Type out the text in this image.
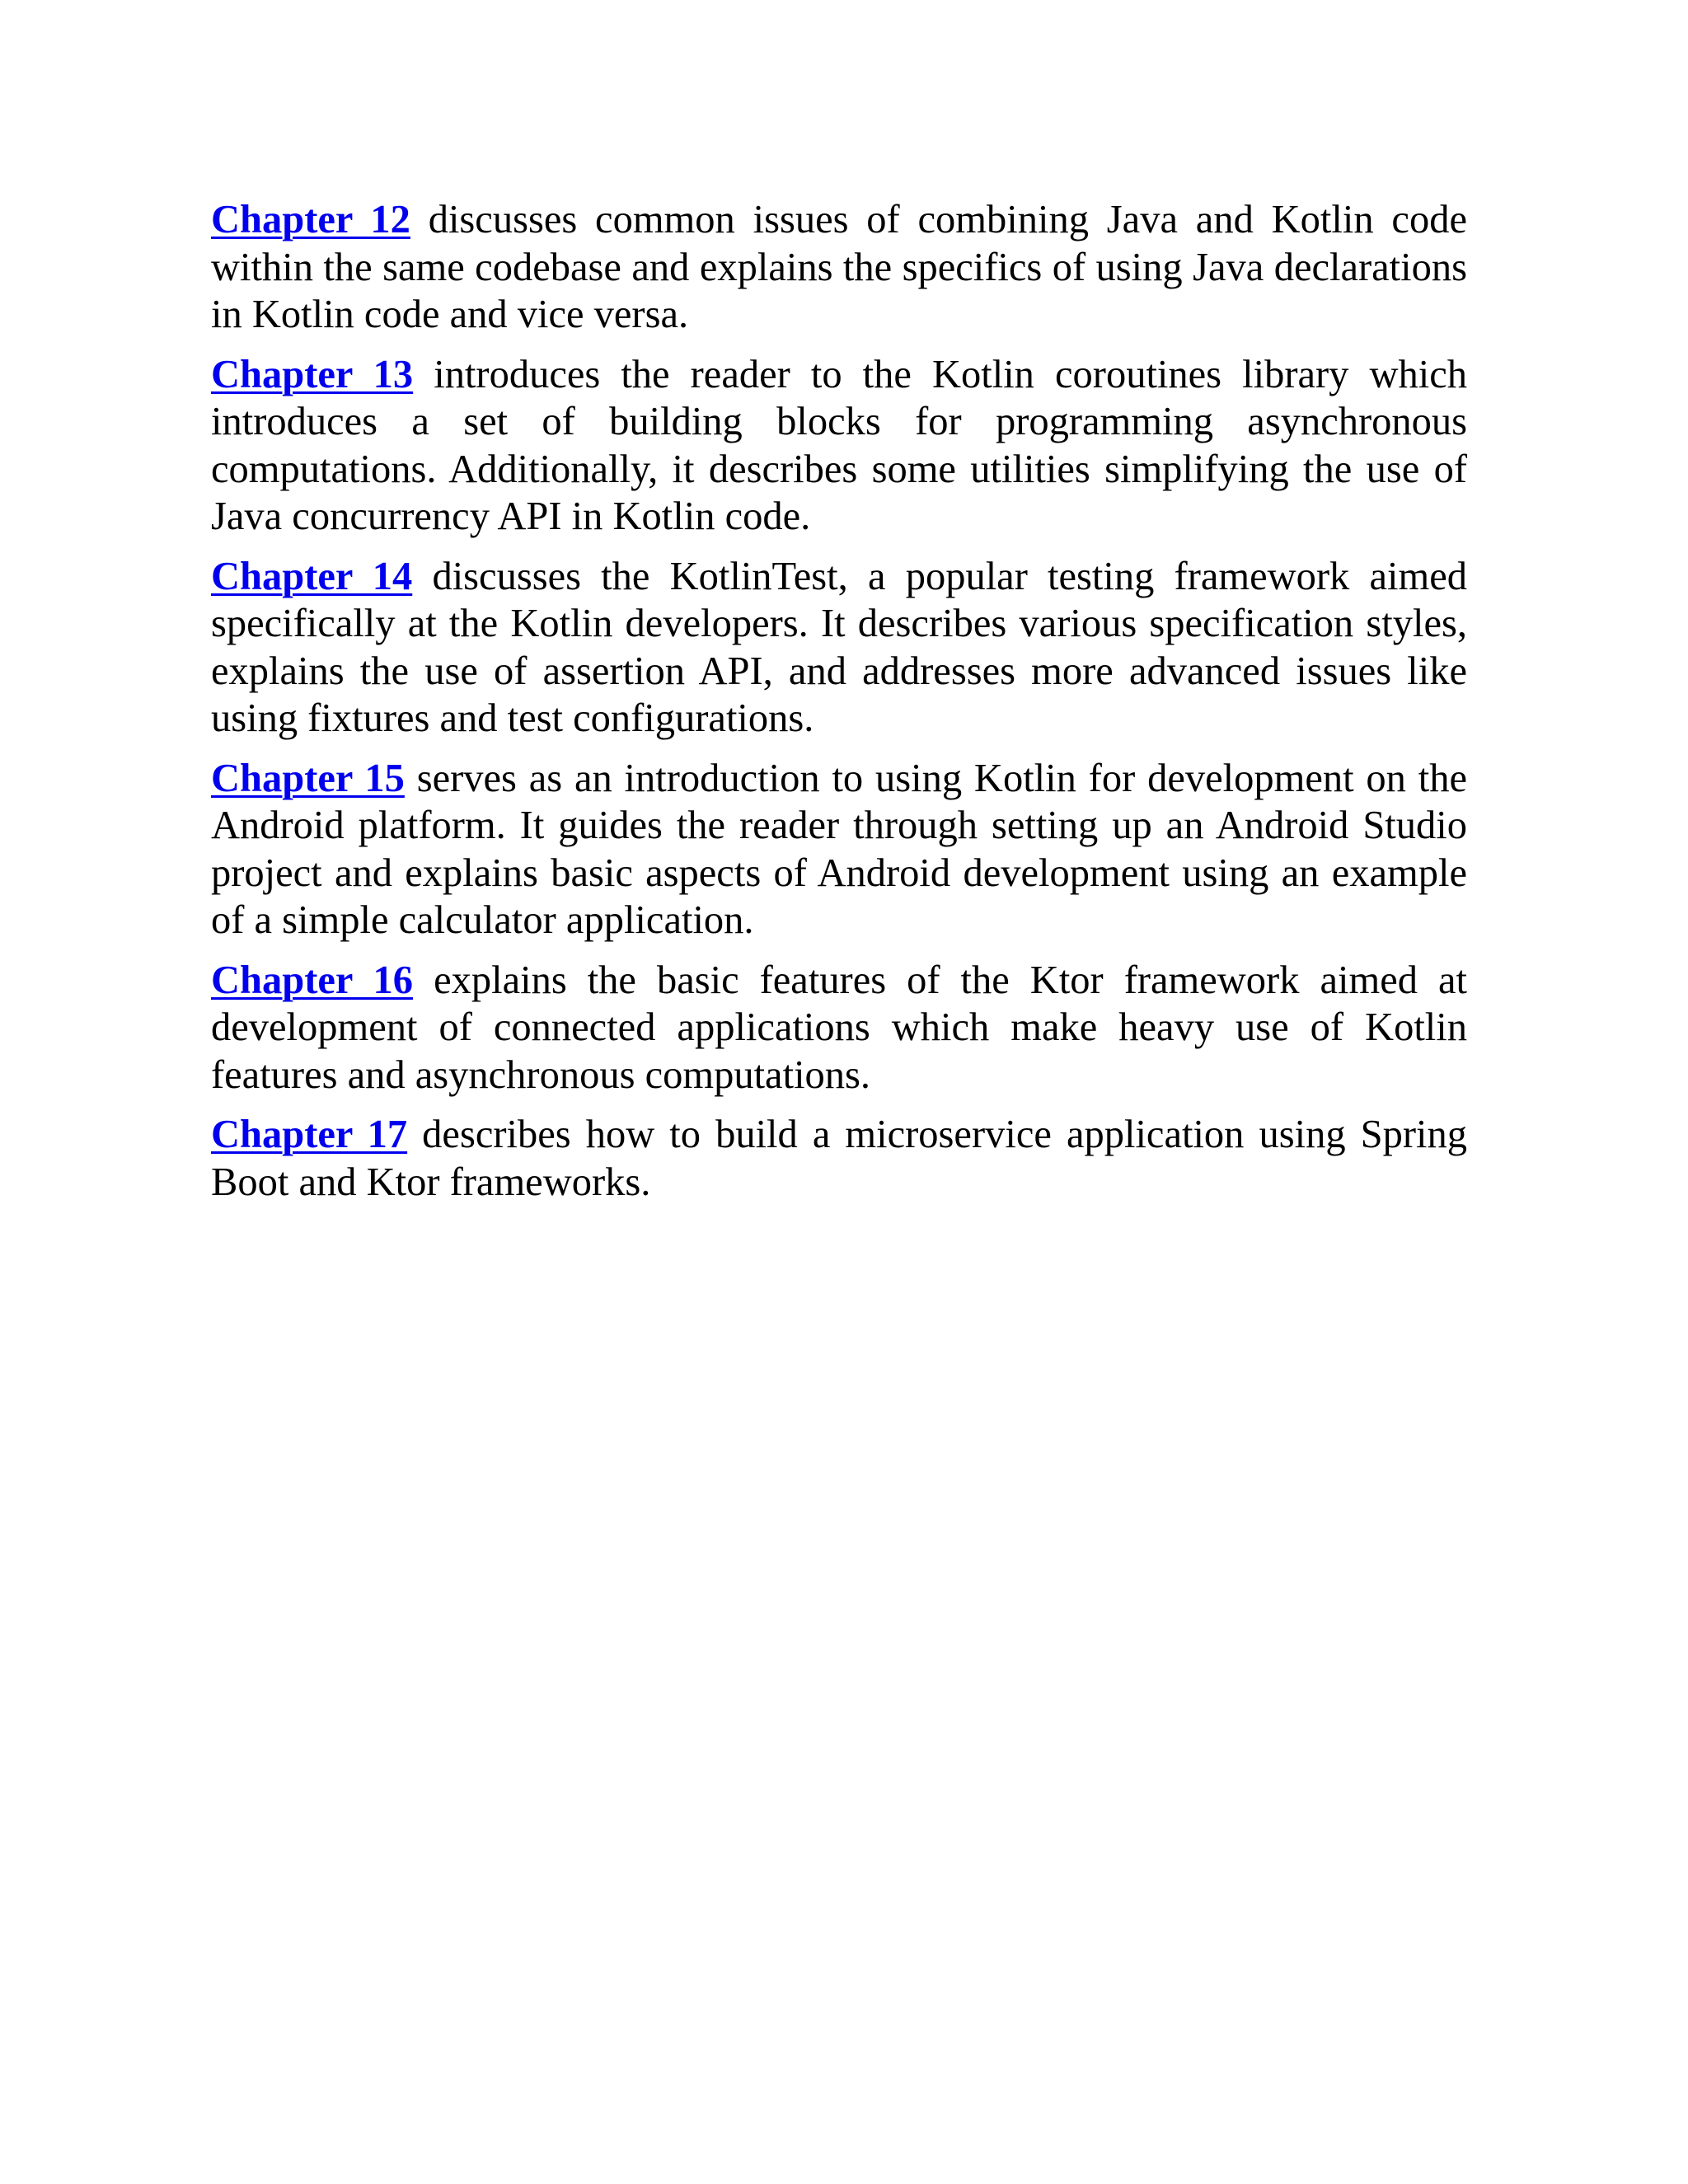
Chapter 12 discusses common issues of combining Java and Kotlin code within the same codebase and explains the specifics of using Java declarations in Kotlin code and vice versa.

Chapter 13 introduces the reader to the Kotlin coroutines library which introduces a set of building blocks for programming asynchronous computations. Additionally, it describes some utilities simplifying the use of Java concurrency API in Kotlin code.

Chapter 14 discusses the KotlinTest, a popular testing framework aimed specifically at the Kotlin developers. It describes various specification styles, explains the use of assertion API, and addresses more advanced issues like using fixtures and test configurations.

Chapter 15 serves as an introduction to using Kotlin for development on the Android platform. It guides the reader through setting up an Android Studio project and explains basic aspects of Android development using an example of a simple calculator application.

Chapter 16 explains the basic features of the Ktor framework aimed at development of connected applications which make heavy use of Kotlin features and asynchronous computations.

Chapter 17 describes how to build a microservice application using Spring Boot and Ktor frameworks.
